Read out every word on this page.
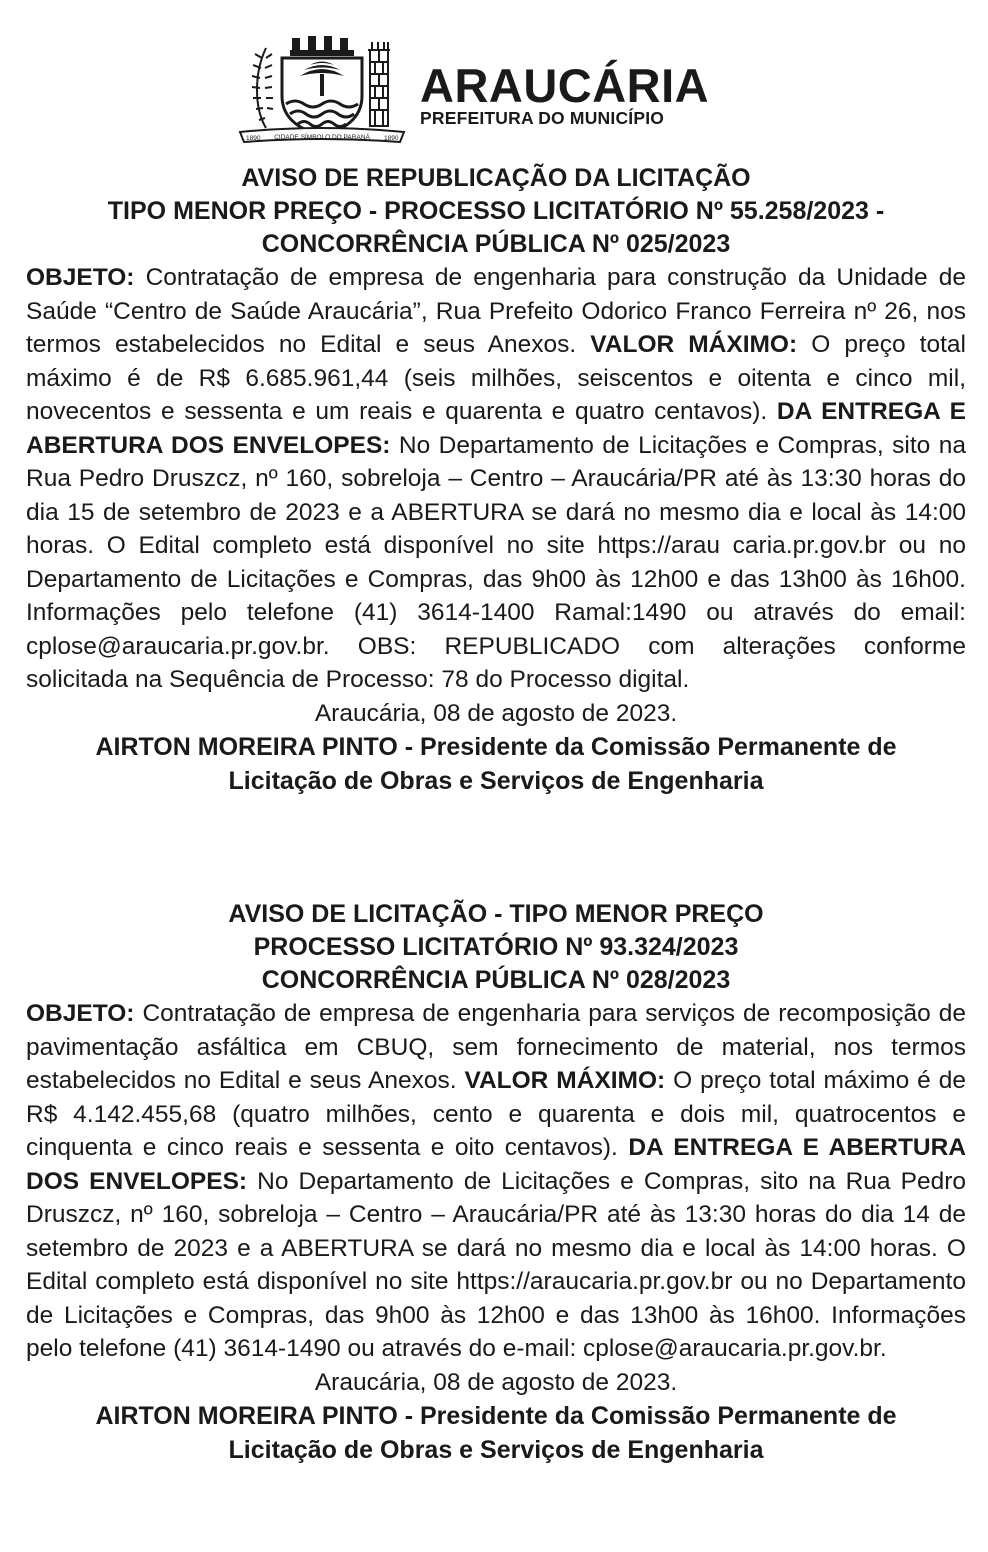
1890 CIDADE SÍMBOLO DO PARANÁ 1890
ARAUCÁRIA
PREFEITURA DO MUNICÍPIO
AVISO DE REPUBLICAÇÃO DA LICITAÇÃO
TIPO MENOR PREÇO - PROCESSO LICITATÓRIO Nº 55.258/2023 -
CONCORRÊNCIA PÚBLICA Nº 025/2023
OBJETO: Contratação de empresa de engenharia para construção da Unidade de Saúde “Centro de Saúde Araucária”, Rua Prefeito Odorico Franco Ferreira nº 26, nos termos estabelecidos no Edital e seus Anexos. VALOR MÁXIMO: O preço total máximo é de R$ 6.685.961,44 (seis milhões, seiscentos e oitenta e cinco mil, novecentos e sessenta e um reais e quarenta e quatro centavos). DA ENTREGA E ABERTURA DOS ENVELOPES: No Departamento de Licitações e Compras, sito na Rua Pedro Druszcz, nº 160, sobreloja – Centro – Araucária/PR até às 13:30 horas do dia 15 de setembro de 2023 e a ABERTURA se dará no mesmo dia e local às 14:00 horas. O Edital completo está disponível no site https://arau caria.pr.gov.br ou no Departamento de Licitações e Compras, das 9h00 às 12h00 e das 13h00 às 16h00. Informações pelo telefone (41) 3614-1400 Ramal:1490 ou através do email: cplose@araucaria.pr.gov.br. OBS: REPUBLICADO com alterações conforme solicitada na Sequência de Processo: 78 do Processo digital.
Araucária, 08 de agosto de 2023.
AIRTON MOREIRA PINTO - Presidente da Comissão Permanente de
Licitação de Obras e Serviços de Engenharia
AVISO DE LICITAÇÃO - TIPO MENOR PREÇO
PROCESSO LICITATÓRIO Nº 93.324/2023
CONCORRÊNCIA PÚBLICA Nº 028/2023
OBJETO: Contratação de empresa de engenharia para serviços de recomposição de pavimentação asfáltica em CBUQ, sem fornecimento de material, nos termos estabelecidos no Edital e seus Anexos. VALOR MÁXIMO: O preço total máximo é de R$ 4.142.455,68 (quatro milhões, cento e quarenta e dois mil, quatrocentos e cinquenta e cinco reais e sessenta e oito centavos). DA ENTREGA E ABERTURA DOS ENVELOPES: No Departamento de Licitações e Compras, sito na Rua Pedro Druszcz, nº 160, sobreloja – Centro – Araucária/PR até às 13:30 horas do dia 14 de setembro de 2023 e a ABERTURA se dará no mesmo dia e local às 14:00 horas. O Edital completo está disponível no site https://araucaria.pr.gov.br ou no Departamento de Licitações e Compras, das 9h00 às 12h00 e das 13h00 às 16h00. Informações pelo telefone (41) 3614-1490 ou através do e-mail: cplose@araucaria.pr.gov.br.
Araucária, 08 de agosto de 2023.
AIRTON MOREIRA PINTO - Presidente da Comissão Permanente de
Licitação de Obras e Serviços de Engenharia
